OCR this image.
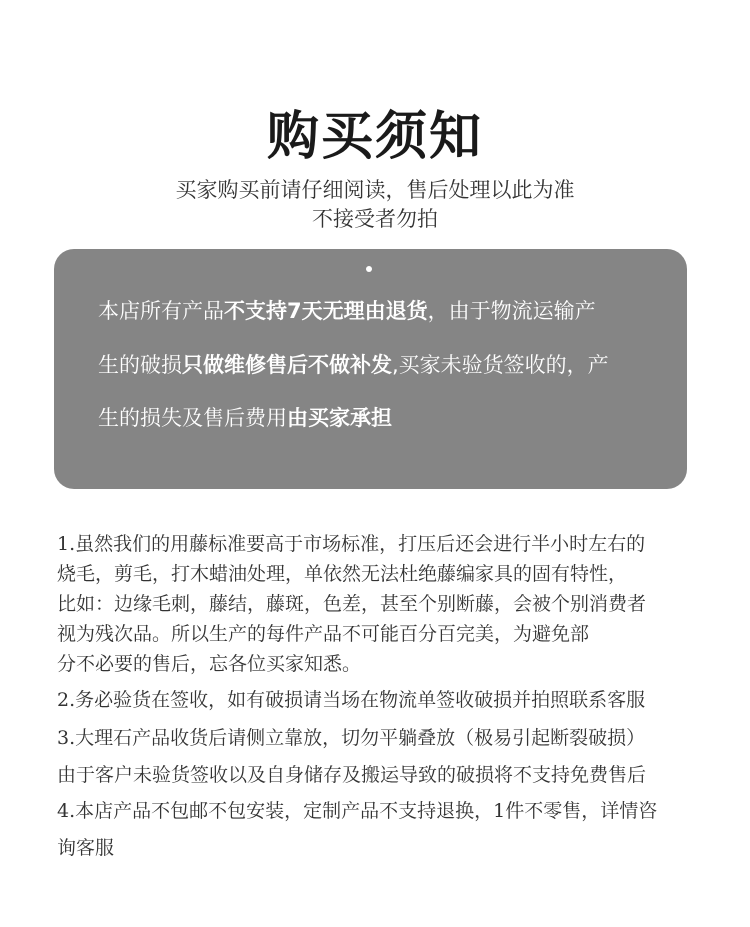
购买须知
买家购买前请仔细阅读，售后处理以此为准
不接受者勿拍
本店所有产品不支持7天无理由退货，由于物流运输产
生的破损只做维修售后不做补发,买家未验货签收的，产
生的损失及售后费用由买家承担
1.虽然我们的用藤标准要高于市场标准，打压后还会进行半小时左右的
烧毛，剪毛，打木蜡油处理，单依然无法杜绝藤编家具的固有特性，
比如：边缘毛刺，藤结，藤斑，色差，甚至个别断藤，会被个别消费者
视为残次品。所以生产的每件产品不可能百分百完美，为避免部
分不必要的售后，忘各位买家知悉。
2.务必验货在签收，如有破损请当场在物流单签收破损并拍照联系客服
3.大理石产品收货后请侧立靠放，切勿平躺叠放（极易引起断裂破损）
由于客户未验货签收以及自身储存及搬运导致的破损将不支持免费售后
4.本店产品不包邮不包安装，定制产品不支持退换，1件不零售，详情咨
询客服
